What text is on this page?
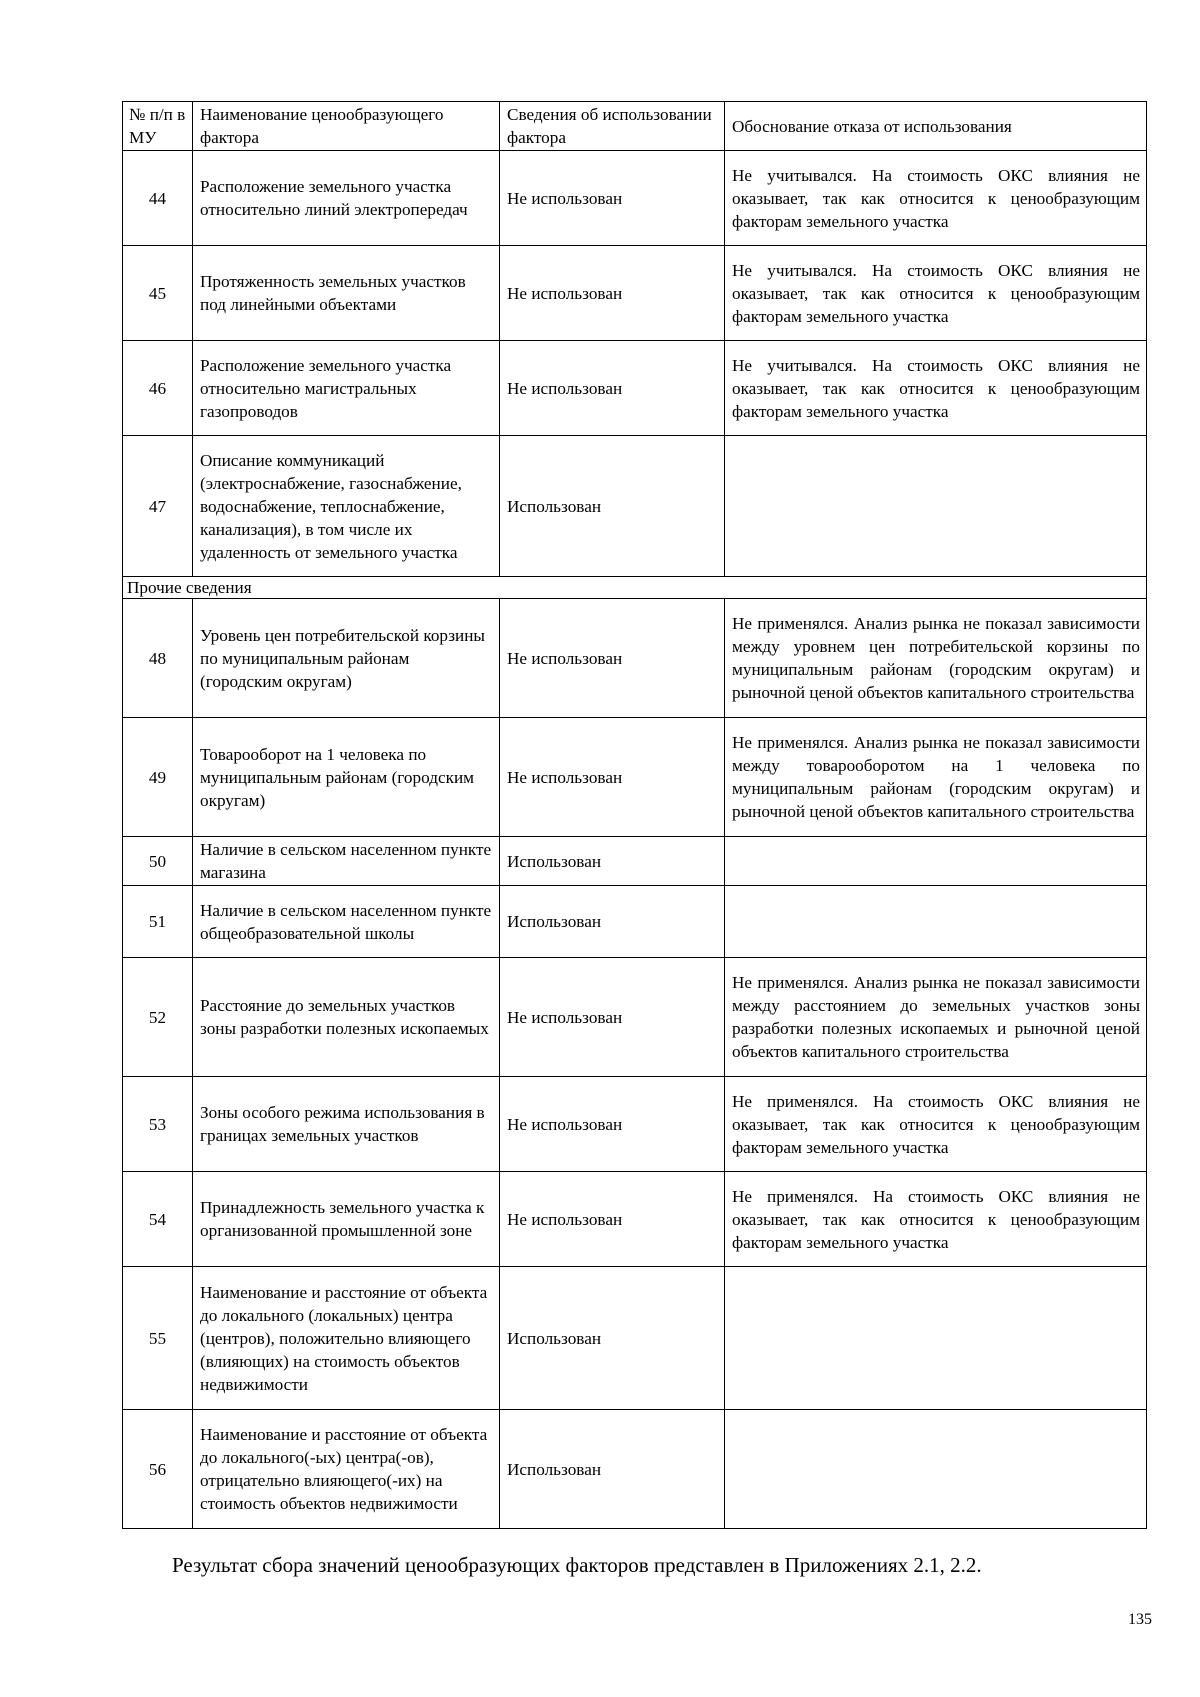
№ п/п в МУ	Наименование ценообразующего фактора	Сведения об использовании фактора	Обоснование отказа от использования
44	Расположение земельного участка относительно линий электропередач	Не использован	Не учитывался. На стоимость ОКС влияния не оказывает, так как относится к ценообразующим факторам земельного участка
45	Протяженность земельных участков под линейными объектами	Не использован	Не учитывался. На стоимость ОКС влияния не оказывает, так как относится к ценообразующим факторам земельного участка
46	Расположение земельного участка относительно магистральных газопроводов	Не использован	Не учитывался. На стоимость ОКС влияния не оказывает, так как относится к ценообразующим факторам земельного участка
47	Описание коммуникаций (электроснабжение, газоснабжение, водоснабжение, теплоснабжение, канализация), в том числе их удаленность от земельного участка	Использован	
Прочие сведения			
48	Уровень цен потребительской корзины по муниципальным районам (городским округам)	Не использован	Не применялся. Анализ рынка не показал зависимости между уровнем цен потребительской корзины по муниципальным районам (городским округам) и рыночной ценой объектов капитального строительства
49	Товарооборот на 1 человека по муниципальным районам (городским округам)	Не использован	Не применялся. Анализ рынка не показал зависимости между товарооборотом на 1 человека по муниципальным районам (городским округам) и рыночной ценой объектов капитального строительства
50	Наличие в сельском населенном пункте магазина	Использован	
51	Наличие в сельском населенном пункте общеобразовательной школы	Использован	
52	Расстояние до земельных участков зоны разработки полезных ископаемых	Не использован	Не применялся. Анализ рынка не показал зависимости между расстоянием до земельных участков зоны разработки полезных ископаемых и рыночной ценой объектов капитального строительства
53	Зоны особого режима использования в границах земельных участков	Не использован	Не применялся. На стоимость ОКС влияния не оказывает, так как относится к ценообразующим факторам земельного участка
54	Принадлежность земельного участка к организованной промышленной зоне	Не использован	Не применялся. На стоимость ОКС влияния не оказывает, так как относится к ценообразующим факторам земельного участка
55	Наименование и расстояние от объекта до локального (локальных) центра (центров), положительно влияющего (влияющих) на стоимость объектов недвижимости	Использован	
56	Наименование и расстояние от объекта до локального(-ых) центра(-ов), отрицательно влияющего(-их) на стоимость объектов недвижимости	Использован	
Результат сбора значений ценообразующих факторов представлен в Приложениях 2.1, 2.2.
135
